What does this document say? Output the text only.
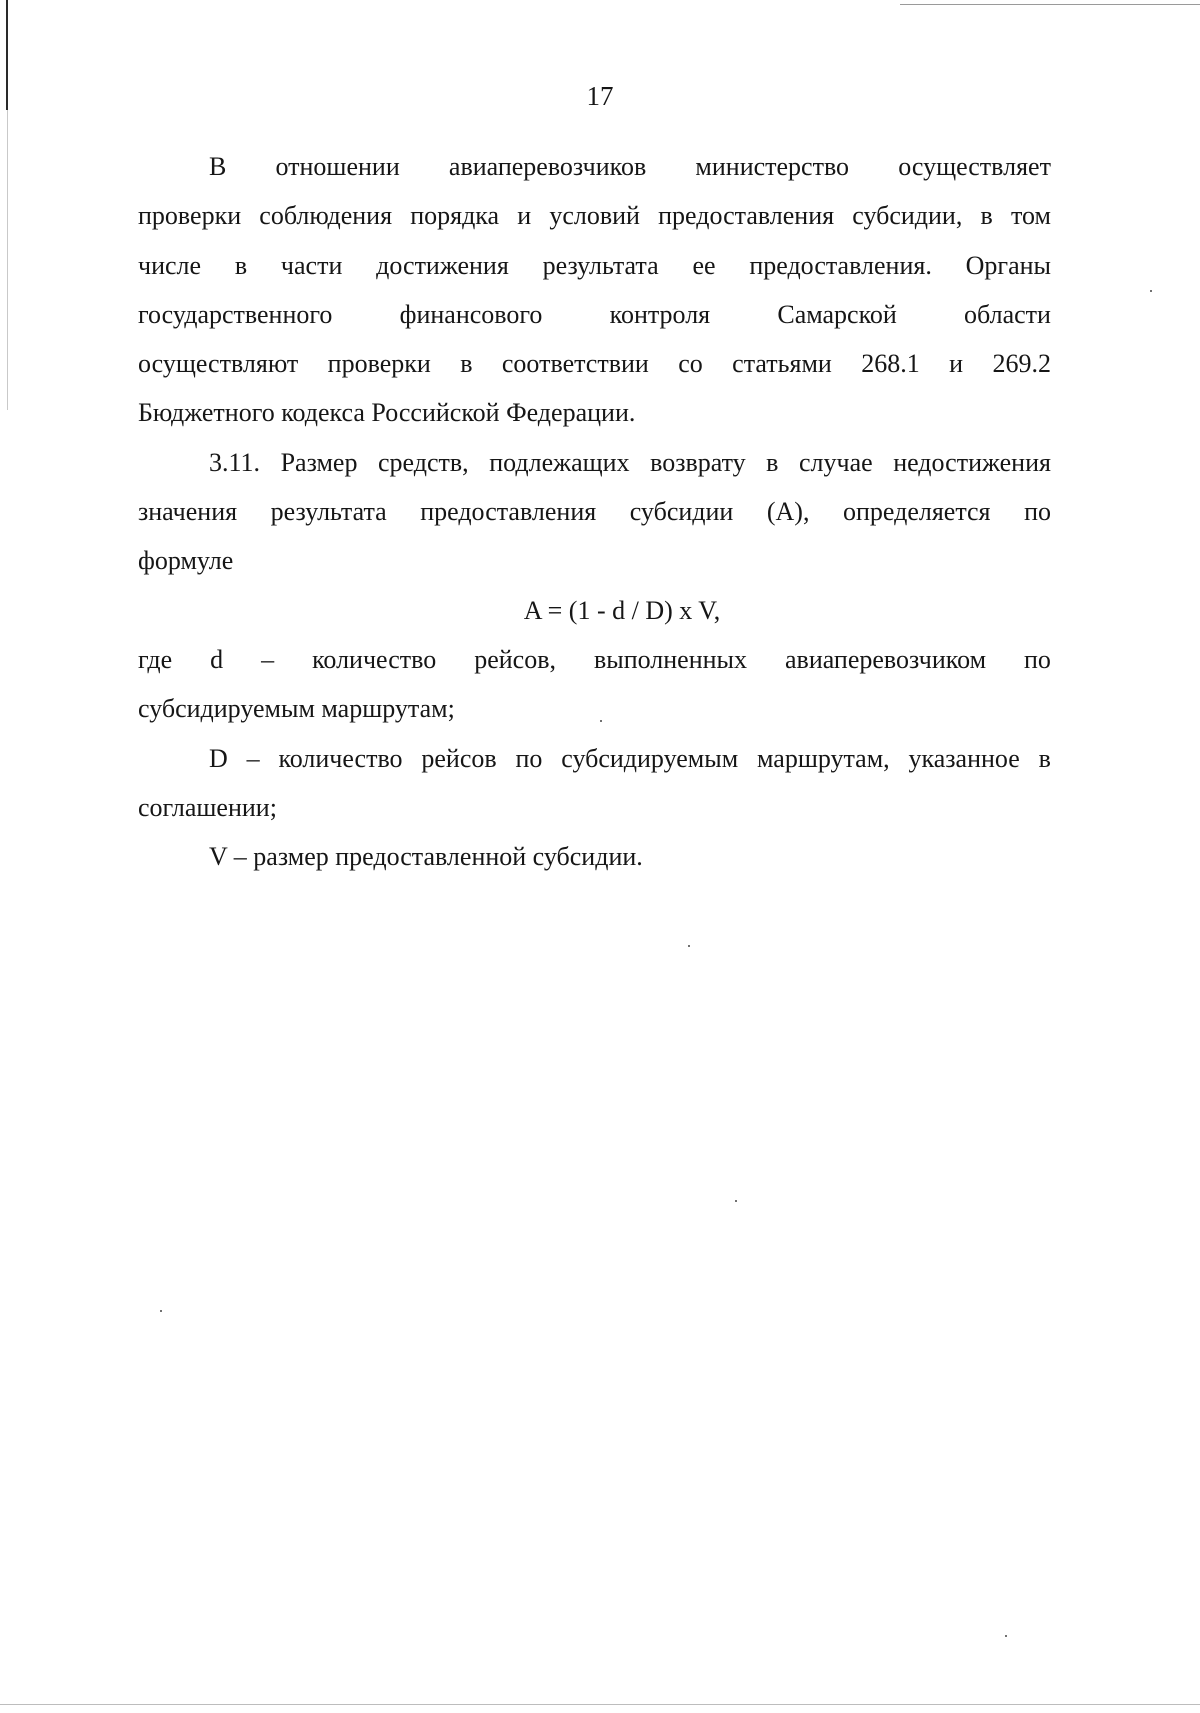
17
В отношении авиаперевозчиков министерство осуществляет
проверки соблюдения порядка и условий предоставления субсидии, в том
числе в части достижения результата ее предоставления. Органы
государственного	финансового	контроля	Самарской	области
осуществляют проверки в соответствии со статьями 268.1 и 269.2
Бюджетного кодекса Российской Федерации.
3.11. Размер средств, подлежащих возврату в случае недостижения
значения результата предоставления субсидии (A), определяется по
формуле
A = (1 - d / D) x V,
где d – количество рейсов, выполненных авиаперевозчиком по
субсидируемым маршрутам;
D – количество рейсов по субсидируемым маршрутам, указанное в
соглашении;
V – размер предоставленной субсидии.
